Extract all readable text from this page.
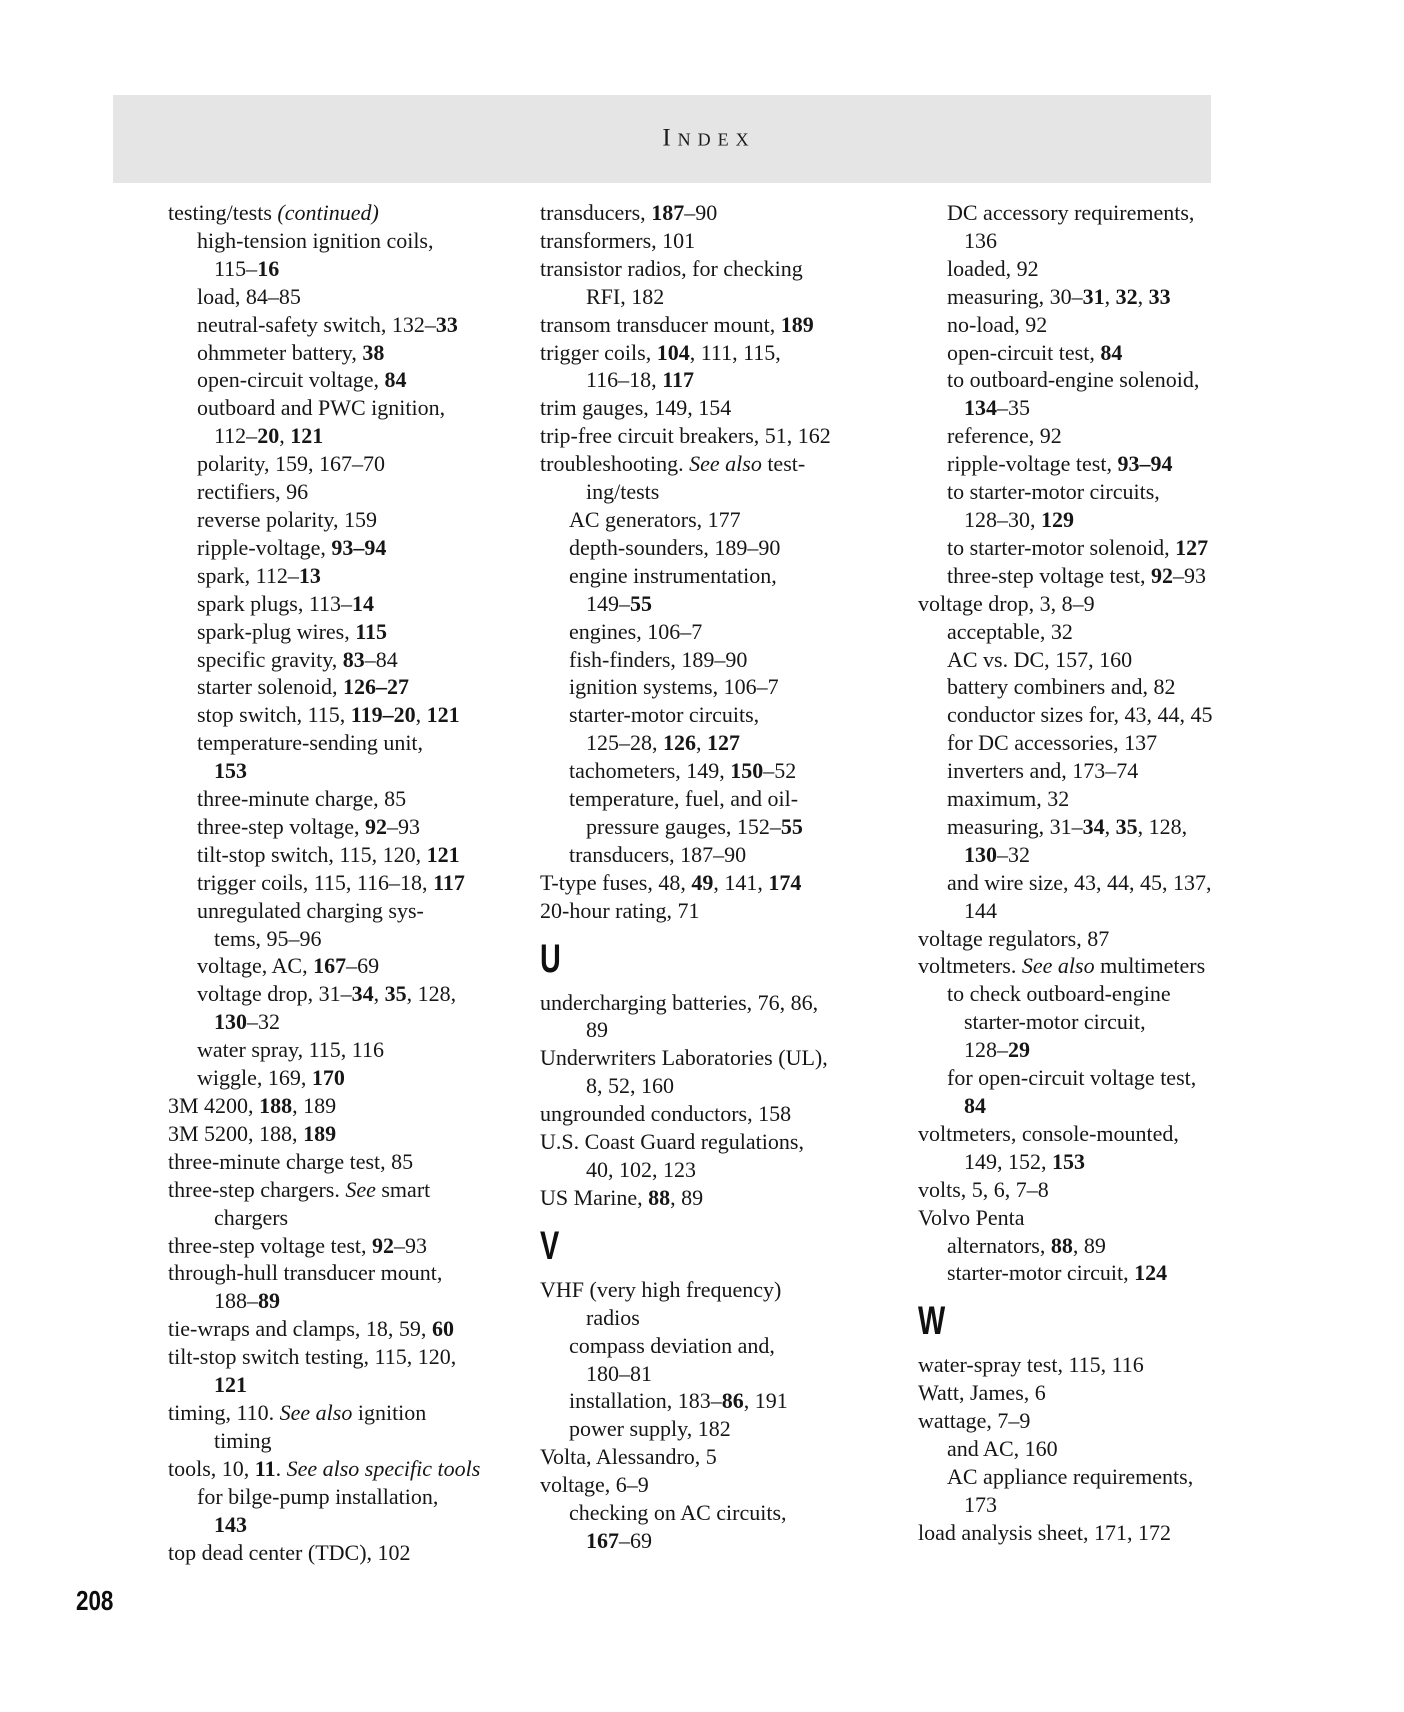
Index
testing/tests (continued)
high-tension ignition coils,
115–16
load, 84–85
neutral-safety switch, 132–33
ohmmeter battery, 38
open-circuit voltage, 84
outboard and PWC ignition,
112–20, 121
polarity, 159, 167–70
rectifiers, 96
reverse polarity, 159
ripple-voltage, 93–94
spark, 112–13
spark plugs, 113–14
spark-plug wires, 115
specific gravity, 83–84
starter solenoid, 126–27
stop switch, 115, 119–20, 121
temperature-sending unit,
153
three-minute charge, 85
three-step voltage, 92–93
tilt-stop switch, 115, 120, 121
trigger coils, 115, 116–18, 117
unregulated charging sys-
tems, 95–96
voltage, AC, 167–69
voltage drop, 31–34, 35, 128,
130–32
water spray, 115, 116
wiggle, 169, 170
3M 4200, 188, 189
3M 5200, 188, 189
three-minute charge test, 85
three-step chargers. See smart
chargers
three-step voltage test, 92–93
through-hull transducer mount,
188–89
tie-wraps and clamps, 18, 59, 60
tilt-stop switch testing, 115, 120,
121
timing, 110. See also ignition
timing
tools, 10, 11. See also specific tools
for bilge-pump installation,
143
top dead center (TDC), 102
transducers, 187–90
transformers, 101
transistor radios, for checking
RFI, 182
transom transducer mount, 189
trigger coils, 104, 111, 115,
116–18, 117
trim gauges, 149, 154
trip-free circuit breakers, 51, 162
troubleshooting. See also test-
ing/tests
AC generators, 177
depth-sounders, 189–90
engine instrumentation,
149–55
engines, 106–7
fish-finders, 189–90
ignition systems, 106–7
starter-motor circuits,
125–28, 126, 127
tachometers, 149, 150–52
temperature, fuel, and oil-
pressure gauges, 152–55
transducers, 187–90
T-type fuses, 48, 49, 141, 174
20-hour rating, 71
U
undercharging batteries, 76, 86,
89
Underwriters Laboratories (UL),
8, 52, 160
ungrounded conductors, 158
U.S. Coast Guard regulations,
40, 102, 123
US Marine, 88, 89
V
VHF (very high frequency)
radios
compass deviation and,
180–81
installation, 183–86, 191
power supply, 182
Volta, Alessandro, 5
voltage, 6–9
checking on AC circuits,
167–69
DC accessory requirements,
136
loaded, 92
measuring, 30–31, 32, 33
no-load, 92
open-circuit test, 84
to outboard-engine solenoid,
134–35
reference, 92
ripple-voltage test, 93–94
to starter-motor circuits,
128–30, 129
to starter-motor solenoid, 127
three-step voltage test, 92–93
voltage drop, 3, 8–9
acceptable, 32
AC vs. DC, 157, 160
battery combiners and, 82
conductor sizes for, 43, 44, 45
for DC accessories, 137
inverters and, 173–74
maximum, 32
measuring, 31–34, 35, 128,
130–32
and wire size, 43, 44, 45, 137,
144
voltage regulators, 87
voltmeters. See also multimeters
to check outboard-engine
starter-motor circuit,
128–29
for open-circuit voltage test,
84
voltmeters, console-mounted,
149, 152, 153
volts, 5, 6, 7–8
Volvo Penta
alternators, 88, 89
starter-motor circuit, 124
W
water-spray test, 115, 116
Watt, James, 6
wattage, 7–9
and AC, 160
AC appliance requirements,
173
load analysis sheet, 171, 172
208
